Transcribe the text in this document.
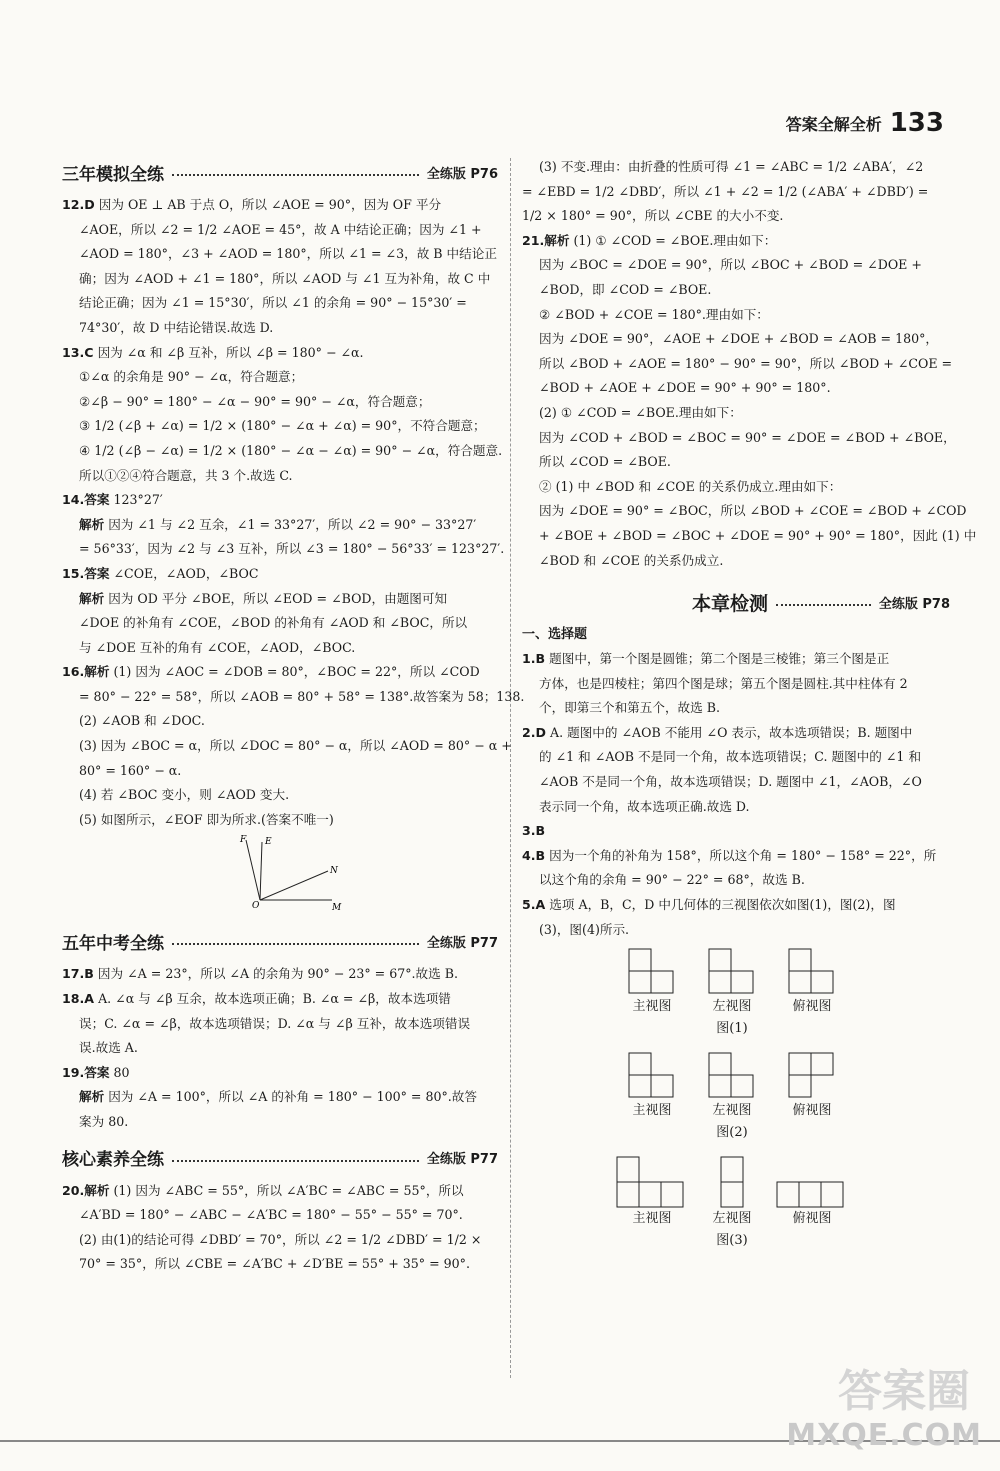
答案全解全析 133
三年模拟全练	全练版 P76
12.D 因为 OE ⊥ AB 于点 O，所以 ∠AOE = 90°，因为 OF 平分
∠AOE，所以 ∠2 = 1/2 ∠AOE = 45°，故 A 中结论正确；因为 ∠1 +
∠AOD = 180°，∠3 + ∠AOD = 180°，所以 ∠1 = ∠3，故 B 中结论正
确；因为 ∠AOD + ∠1 = 180°，所以 ∠AOD 与 ∠1 互为补角，故 C 中
结论正确；因为 ∠1 = 15°30′，所以 ∠1 的余角 = 90° − 15°30′ =
74°30′，故 D 中结论错误.故选 D.
13.C 因为 ∠α 和 ∠β 互补，所以 ∠β = 180° − ∠α.
①∠α 的余角是 90° − ∠α，符合题意；
②∠β − 90° = 180° − ∠α − 90° = 90° − ∠α，符合题意；
③ 1/2 (∠β + ∠α) = 1/2 × (180° − ∠α + ∠α) = 90°，不符合题意；
④ 1/2 (∠β − ∠α) = 1/2 × (180° − ∠α − ∠α) = 90° − ∠α，符合题意.
所以①②④符合题意，共 3 个.故选 C.
14.答案 123°27′
解析 因为 ∠1 与 ∠2 互余，∠1 = 33°27′，所以 ∠2 = 90° − 33°27′
= 56°33′，因为 ∠2 与 ∠3 互补，所以 ∠3 = 180° − 56°33′ = 123°27′.
15.答案 ∠COE，∠AOD，∠BOC
解析 因为 OD 平分 ∠BOE，所以 ∠EOD = ∠BOD，由题图可知
∠DOE 的补角有 ∠COE，∠BOD 的补角有 ∠AOD 和 ∠BOC，所以
与 ∠DOE 互补的角有 ∠COE，∠AOD，∠BOC.
16.解析 (1) 因为 ∠AOC = ∠DOB = 80°，∠BOC = 22°，所以 ∠COD
= 80° − 22° = 58°，所以 ∠AOB = 80° + 58° = 138°.故答案为 58；138.
(2) ∠AOB 和 ∠DOC.
(3) 因为 ∠BOC = α，所以 ∠DOC = 80° − α，所以 ∠AOD = 80° − α +
80° = 160° − α.
(4) 若 ∠BOC 变小，则 ∠AOD 变大.
(5) 如图所示，∠EOF 即为所求.(答案不唯一)
F E
N
O	M
五年中考全练	全练版 P77
17.B 因为 ∠A = 23°，所以 ∠A 的余角为 90° − 23° = 67°.故选 B.
18.A A. ∠α 与 ∠β 互余，故本选项正确；B. ∠α = ∠β，故本选项错
误；C. ∠α = ∠β，故本选项错误；D. ∠α 与 ∠β 互补，故本选项错误
误.故选 A.
19.答案 80
解析 因为 ∠A = 100°，所以 ∠A 的补角 = 180° − 100° = 80°.故答
案为 80.
核心素养全练	全练版 P77
20.解析 (1) 因为 ∠ABC = 55°，所以 ∠A′BC = ∠ABC = 55°，所以
∠A′BD = 180° − ∠ABC − ∠A′BC = 180° − 55° − 55° = 70°.
(2) 由(1)的结论可得 ∠DBD′ = 70°，所以 ∠2 = 1/2 ∠DBD′ = 1/2 ×
70° = 35°，所以 ∠CBE = ∠A′BC + ∠D′BE = 55° + 35° = 90°.
(3) 不变.理由：由折叠的性质可得 ∠1 = ∠ABC = 1/2 ∠ABA′，∠2
= ∠EBD = 1/2 ∠DBD′，所以 ∠1 + ∠2 = 1/2 (∠ABA′ + ∠DBD′) =
1/2 × 180° = 90°，所以 ∠CBE 的大小不变.
21.解析 (1) ① ∠COD = ∠BOE.理由如下：
因为 ∠BOC = ∠DOE = 90°，所以 ∠BOC + ∠BOD = ∠DOE +
∠BOD，即 ∠COD = ∠BOE.
② ∠BOD + ∠COE = 180°.理由如下：
因为 ∠DOE = 90°，∠AOE + ∠DOE + ∠BOD = ∠AOB = 180°，
所以 ∠BOD + ∠AOE = 180° − 90° = 90°，所以 ∠BOD + ∠COE =
∠BOD + ∠AOE + ∠DOE = 90° + 90° = 180°.
(2) ① ∠COD = ∠BOE.理由如下：
因为 ∠COD + ∠BOD = ∠BOC = 90° = ∠DOE = ∠BOD + ∠BOE，
所以 ∠COD = ∠BOE.
② (1) 中 ∠BOD 和 ∠COE 的关系仍成立.理由如下：
因为 ∠DOE = 90° = ∠BOC，所以 ∠BOD + ∠COE = ∠BOD + ∠COD
+ ∠BOE + ∠BOD = ∠BOC + ∠DOE = 90° + 90° = 180°，因此 (1) 中
∠BOD 和 ∠COE 的关系仍成立.
本章检测	全练版 P78
一、选择题
1.B 题图中，第一个图是圆锥；第二个图是三棱锥；第三个图是正
方体，也是四棱柱；第四个图是球；第五个图是圆柱.其中柱体有 2
个，即第三个和第五个，故选 B.
2.D A. 题图中的 ∠AOB 不能用 ∠O 表示，故本选项错误；B. 题图中
的 ∠1 和 ∠AOB 不是同一个角，故本选项错误；C. 题图中的 ∠1 和
∠AOB 不是同一个角，故本选项错误；D. 题图中 ∠1，∠AOB，∠O
表示同一个角，故本选项正确.故选 D.
3.B
4.B 因为一个角的补角为 158°，所以这个角 = 180° − 158° = 22°，所
以这个角的余角 = 90° − 22° = 68°，故选 B.
5.A 选项 A，B，C，D 中几何体的三视图依次如图(1)，图(2)，图
(3)，图(4)所示.
主视图	左视图	俯视图
图(1)
主视图	左视图	俯视图
图(2)
主视图	左视图	俯视图
图(3)
答案圈
MXQE.COM
